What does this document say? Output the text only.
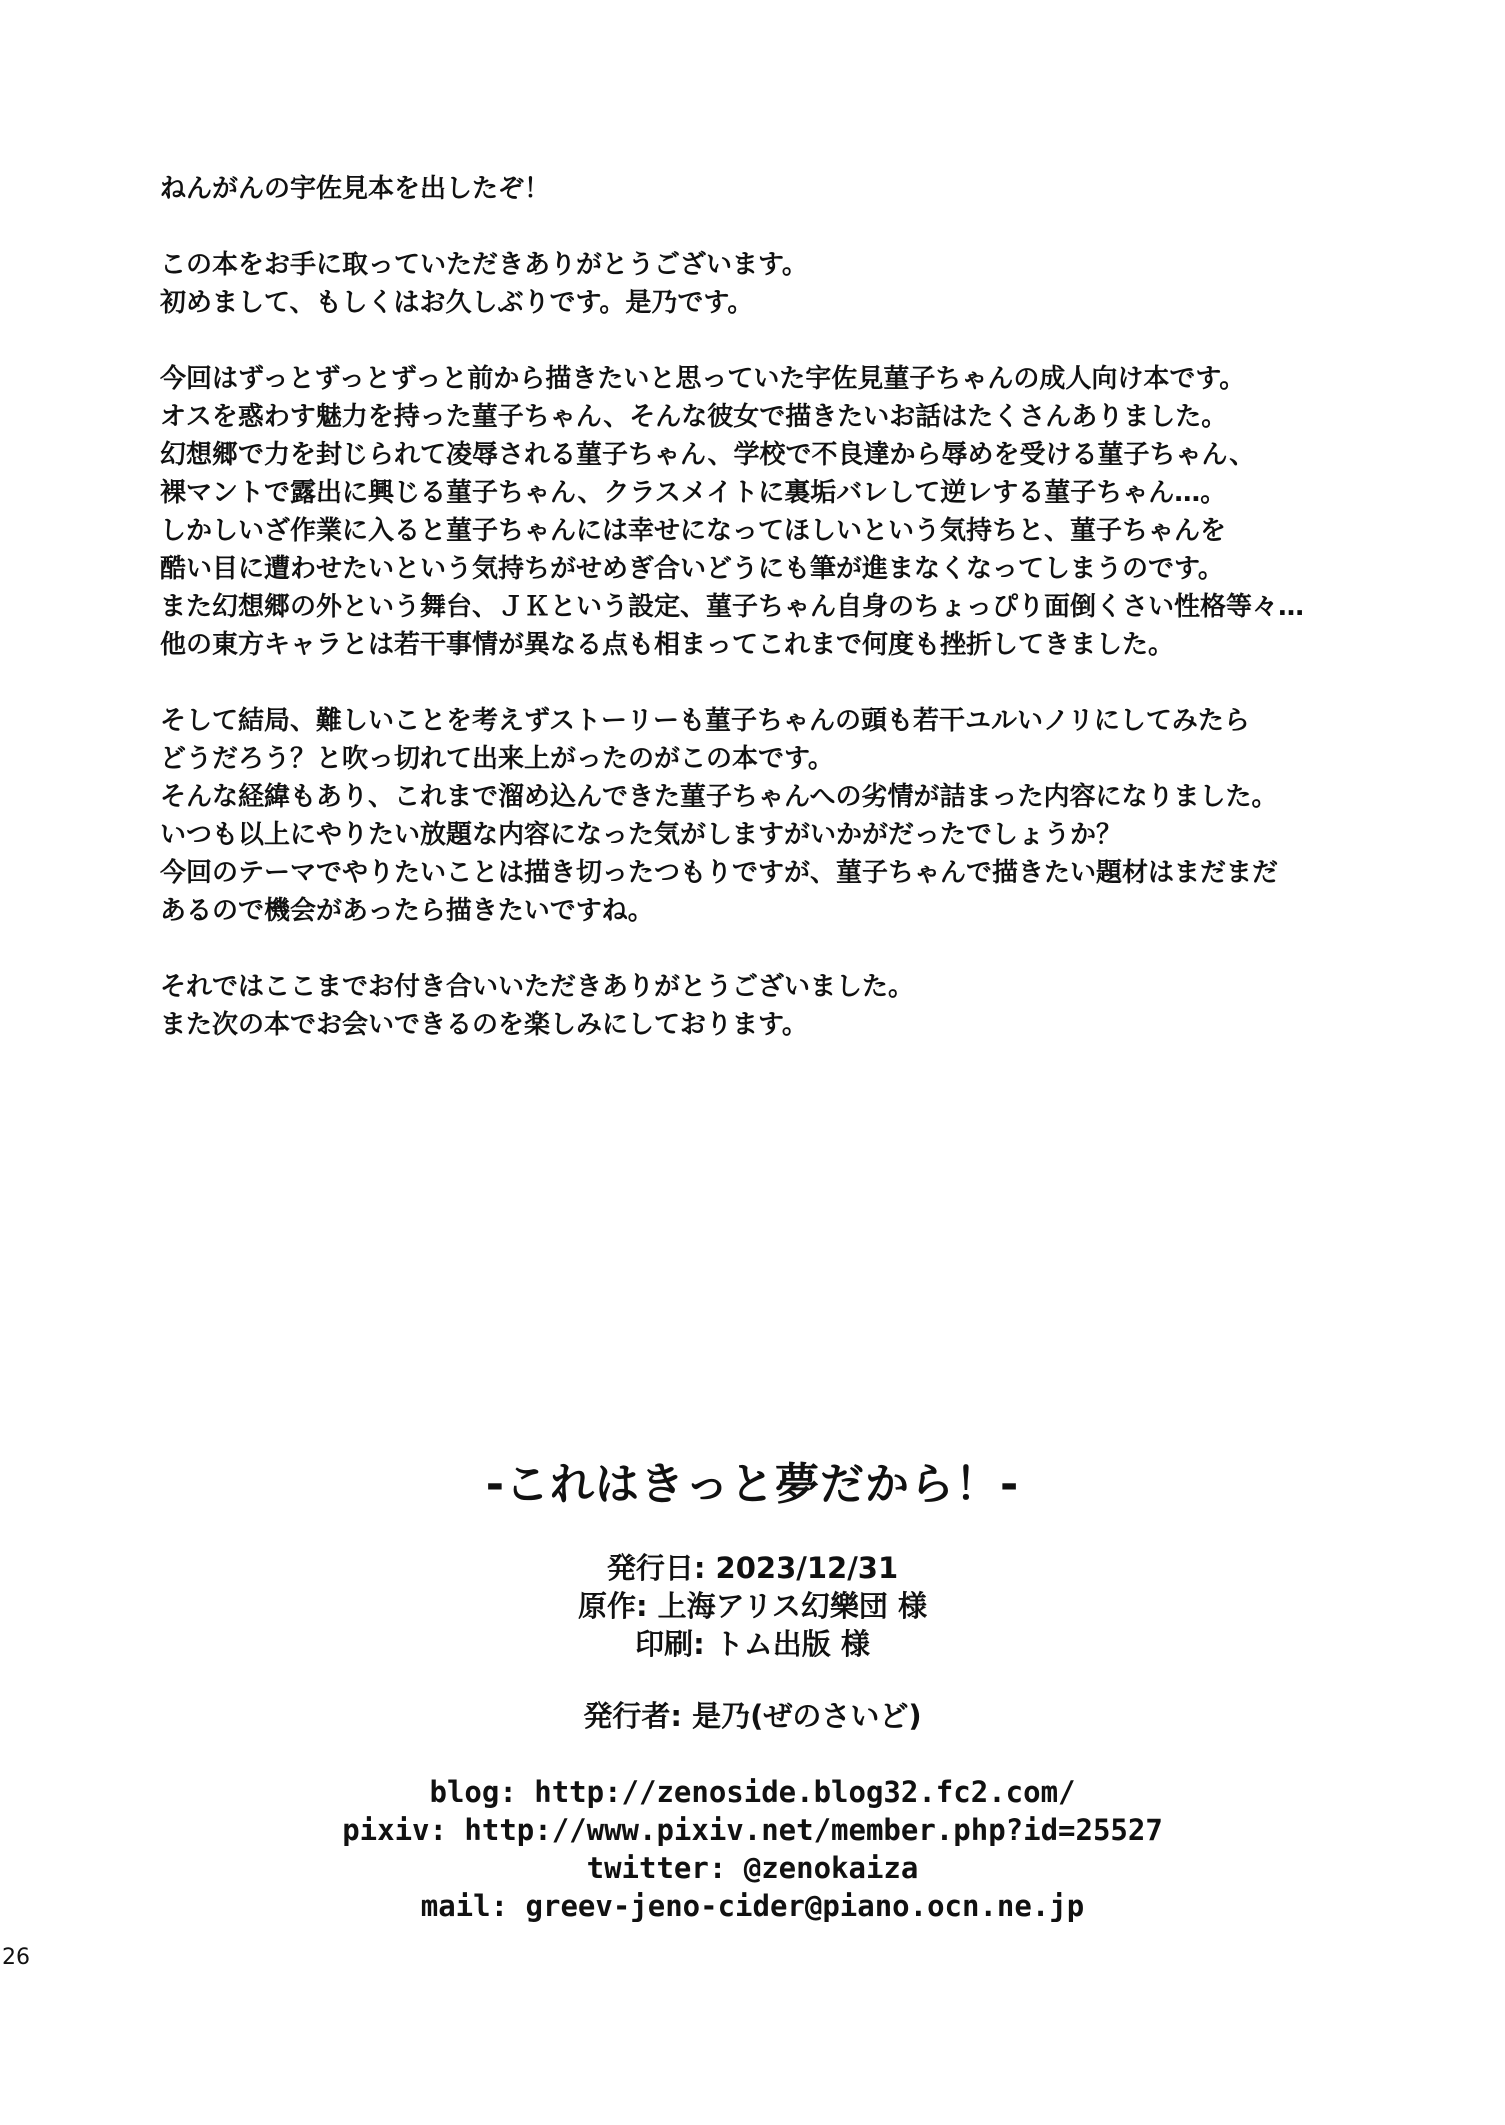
ねんがんの宇佐見本を出したぞ！

この本をお手に取っていただきありがとうございます。
初めまして、もしくはお久しぶりです。是乃です。

今回はずっとずっとずっと前から描きたいと思っていた宇佐見菫子ちゃんの成人向け本です。
オスを惑わす魅力を持った菫子ちゃん、そんな彼女で描きたいお話はたくさんありました。
幻想郷で力を封じられて凌辱される菫子ちゃん、学校で不良達から辱めを受ける菫子ちゃん、
裸マントで露出に興じる菫子ちゃん、クラスメイトに裏垢バレして逆レする菫子ちゃん…。
しかしいざ作業に入ると菫子ちゃんには幸せになってほしいという気持ちと、菫子ちゃんを
酷い目に遭わせたいという気持ちがせめぎ合いどうにも筆が進まなくなってしまうのです。
また幻想郷の外という舞台、ＪＫという設定、菫子ちゃん自身のちょっぴり面倒くさい性格等々…
他の東方キャラとは若干事情が異なる点も相まってこれまで何度も挫折してきました。

そして結局、難しいことを考えずストーリーも菫子ちゃんの頭も若干ユルいノリにしてみたら
どうだろう？と吹っ切れて出来上がったのがこの本です。
そんな経緯もあり、これまで溜め込んできた菫子ちゃんへの劣情が詰まった内容になりました。
いつも以上にやりたい放題な内容になった気がしますがいかがだったでしょうか？
今回のテーマでやりたいことは描き切ったつもりですが、菫子ちゃんで描きたい題材はまだまだ
あるので機会があったら描きたいですね。

それではここまでお付き合いいただきありがとうございました。
また次の本でお会いできるのを楽しみにしております。

-これはきっと夢だから！-
発行日: 2023/12/31
原作: 上海アリス幻樂団 様
印刷: トム出版 様
発行者: 是乃(ぜのさいど)
blog: http://zenoside.blog32.fc2.com/
pixiv: http://www.pixiv.net/member.php?id=25527
twitter: @zenokaiza
mail: greev-jeno-cider@piano.ocn.ne.jp
26
